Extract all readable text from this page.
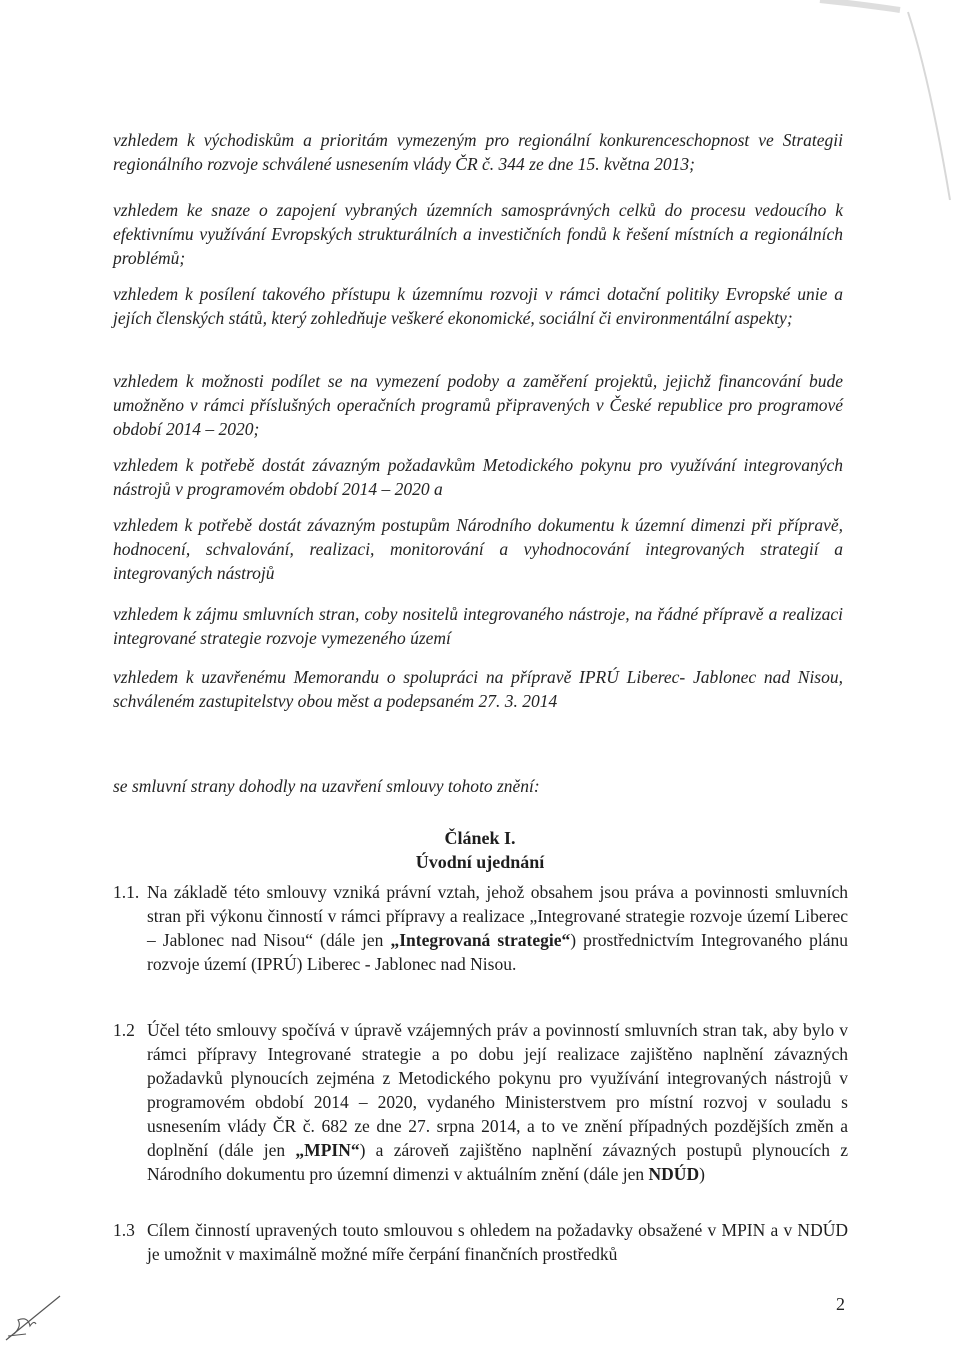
vzhledem k východiskům a prioritám vymezeným pro regionální konkurenceschopnost ve Strategii regionálního rozvoje schválené usnesením vlády ČR č. 344 ze dne 15. května 2013;

vzhledem ke snaze o zapojení vybraných územních samosprávných celků do procesu vedoucího k efektivnímu využívání Evropských strukturálních a investičních fondů k řešení místních a regionálních problémů;

vzhledem k posílení takového přístupu k územnímu rozvoji v rámci dotační politiky Evropské unie a jejích členských států, který zohledňuje veškeré ekonomické, sociální či environmentální aspekty;

vzhledem k možnosti podílet se na vymezení podoby a zaměření projektů, jejichž financování bude umožněno v rámci příslušných operačních programů připravených v České republice pro programové období 2014 – 2020;

vzhledem k potřebě dostát závazným požadavkům Metodického pokynu pro využívání integrovaných nástrojů v programovém období 2014 – 2020 a

vzhledem k potřebě dostát závazným postupům Národního dokumentu k územní dimenzi při přípravě, hodnocení, schvalování, realizaci, monitorování a vyhodnocování integrovaných strategií a integrovaných nástrojů

vzhledem k zájmu smluvních stran, coby nositelů integrovaného nástroje, na řádné přípravě a realizaci integrované strategie rozvoje vymezeného území

vzhledem k uzavřenému Memorandu o spolupráci na přípravě IPRÚ Liberec- Jablonec nad Nisou, schváleném zastupitelstvy obou měst a podepsaném 27. 3. 2014

se smluvní strany dohodly na uzavření smlouvy tohoto znění:

Článek I.
Úvodní ujednání
1.1. Na základě této smlouvy vzniká právní vztah, jehož obsahem jsou práva a povinnosti smluvních stran při výkonu činností v rámci přípravy a realizace „Integrované strategie rozvoje území Liberec – Jablonec nad Nisou“ (dále jen „Integrovaná strategie“) prostřednictvím Integrovaného plánu rozvoje území (IPRÚ) Liberec - Jablonec nad Nisou.

1.2 Účel této smlouvy spočívá v úpravě vzájemných práv a povinností smluvních stran tak, aby bylo v rámci přípravy Integrované strategie a po dobu její realizace zajištěno naplnění závazných požadavků plynoucích zejména z Metodického pokynu pro využívání integrovaných nástrojů v programovém období 2014 – 2020, vydaného Ministerstvem pro místní rozvoj v souladu s usnesením vlády ČR č. 682 ze dne 27. srpna 2014, a to ve znění případných pozdějších změn a doplnění (dále jen „MPIN“) a zároveň zajištěno naplnění závazných postupů plynoucích z Národního dokumentu pro územní dimenzi v aktuálním znění (dále jen NDÚD)

1.3 Cílem činností upravených touto smlouvou s ohledem na požadavky obsažené v MPIN a v NDÚD je umožnit v maximálně možné míře čerpání finančních prostředků

2
